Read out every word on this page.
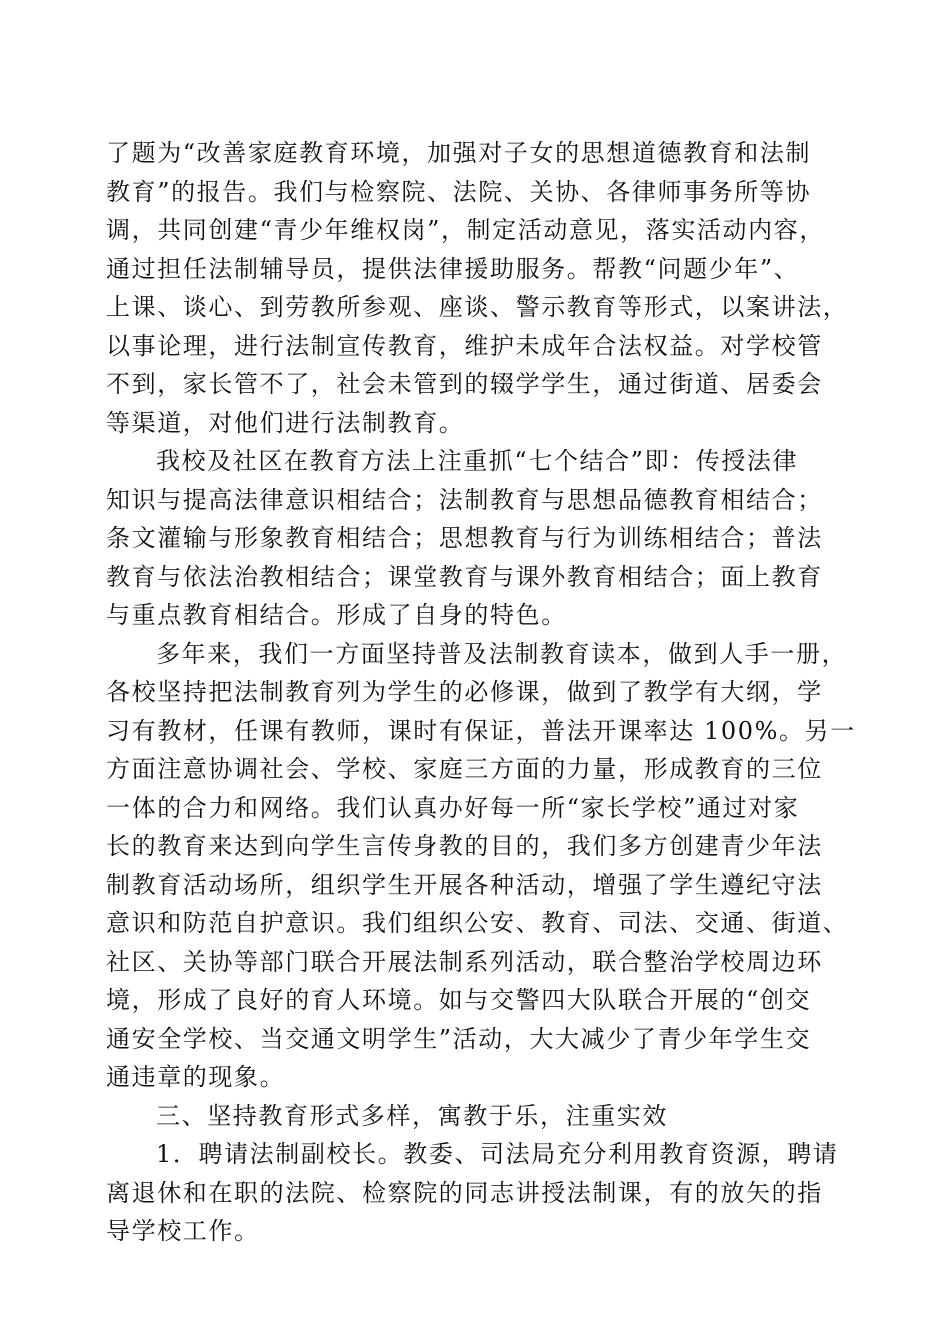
了题为“改善家庭教育环境，加强对子女的思想道德教育和法制
教育”的报告。我们与检察院、法院、关协、各律师事务所等协
调，共同创建“青少年维权岗”，制定活动意见，落实活动内容，
通过担任法制辅导员，提供法律援助服务。帮教“问题少年”、
上课、谈心、到劳教所参观、座谈、警示教育等形式，以案讲法，
以事论理，进行法制宣传教育，维护未成年合法权益。对学校管
不到，家长管不了，社会未管到的辍学学生，通过街道、居委会
等渠道，对他们进行法制教育。
我校及社区在教育方法上注重抓“七个结合”即：传授法律
知识与提高法律意识相结合；法制教育与思想品德教育相结合；
条文灌输与形象教育相结合；思想教育与行为训练相结合；普法
教育与依法治教相结合；课堂教育与课外教育相结合；面上教育
与重点教育相结合。形成了自身的特色。
多年来，我们一方面坚持普及法制教育读本，做到人手一册，
各校坚持把法制教育列为学生的必修课，做到了教学有大纲，学
习有教材，任课有教师，课时有保证，普法开课率达 100%。另一
方面注意协调社会、学校、家庭三方面的力量，形成教育的三位
一体的合力和网络。我们认真办好每一所“家长学校”通过对家
长的教育来达到向学生言传身教的目的，我们多方创建青少年法
制教育活动场所，组织学生开展各种活动，增强了学生遵纪守法
意识和防范自护意识。我们组织公安、教育、司法、交通、街道、
社区、关协等部门联合开展法制系列活动，联合整治学校周边环
境，形成了良好的育人环境。如与交警四大队联合开展的“创交
通安全学校、当交通文明学生”活动，大大减少了青少年学生交
通违章的现象。
三、坚持教育形式多样，寓教于乐，注重实效
1．聘请法制副校长。教委、司法局充分利用教育资源，聘请
离退休和在职的法院、检察院的同志讲授法制课，有的放矢的指
导学校工作。
